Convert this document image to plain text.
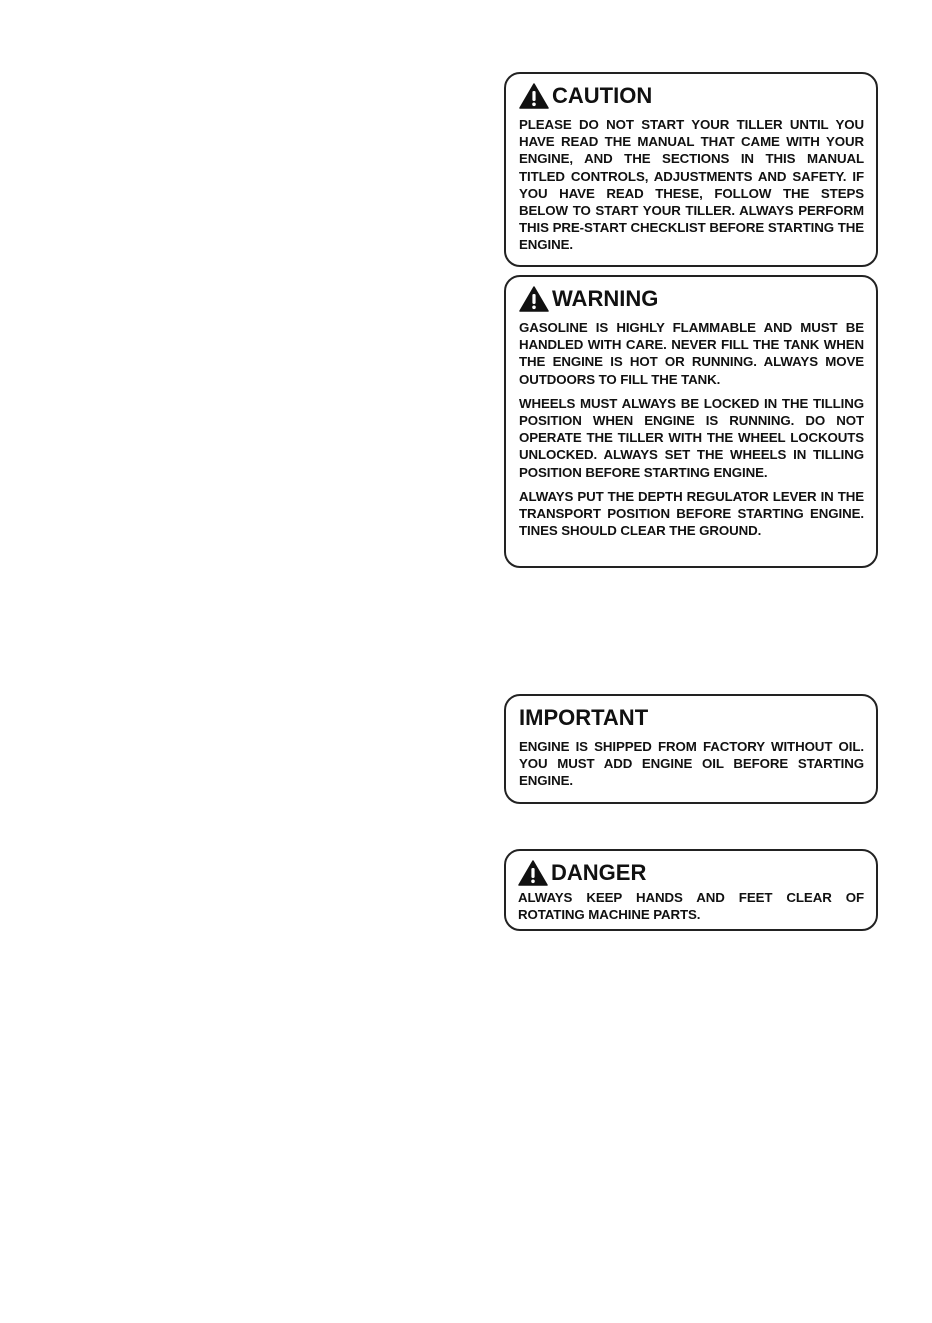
CAUTION

PLEASE DO NOT START YOUR TILLER UNTIL YOU HAVE READ THE MANUAL THAT CAME WITH YOUR ENGINE, AND THE SECTIONS IN THIS MANUAL TITLED CONTROLS, ADJUSTMENTS AND SAFETY. IF YOU HAVE READ THESE, FOLLOW THE STEPS BELOW TO START YOUR TILLER. ALWAYS PERFORM THIS PRE-START CHECKLIST BEFORE STARTING THE ENGINE.

WARNING

GASOLINE IS HIGHLY FLAMMABLE AND MUST BE HANDLED WITH CARE. NEVER FILL THE TANK WHEN THE ENGINE IS HOT OR RUNNING. ALWAYS MOVE OUTDOORS TO FILL THE TANK.

WHEELS MUST ALWAYS BE LOCKED IN THE TILLING POSITION WHEN ENGINE IS RUNNING. DO NOT OPERATE THE TILLER WITH THE WHEEL LOCKOUTS UNLOCKED. ALWAYS SET THE WHEELS IN TILLING POSITION BEFORE STARTING ENGINE.

ALWAYS PUT THE DEPTH REGULATOR LEVER IN THE TRANSPORT POSITION BEFORE STARTING ENGINE. TINES SHOULD CLEAR THE GROUND.

IMPORTANT

ENGINE IS SHIPPED FROM FACTORY WITHOUT OIL. YOU MUST ADD ENGINE OIL BEFORE STARTING ENGINE.

DANGER

ALWAYS KEEP HANDS AND FEET CLEAR OF ROTATING MACHINE PARTS.
